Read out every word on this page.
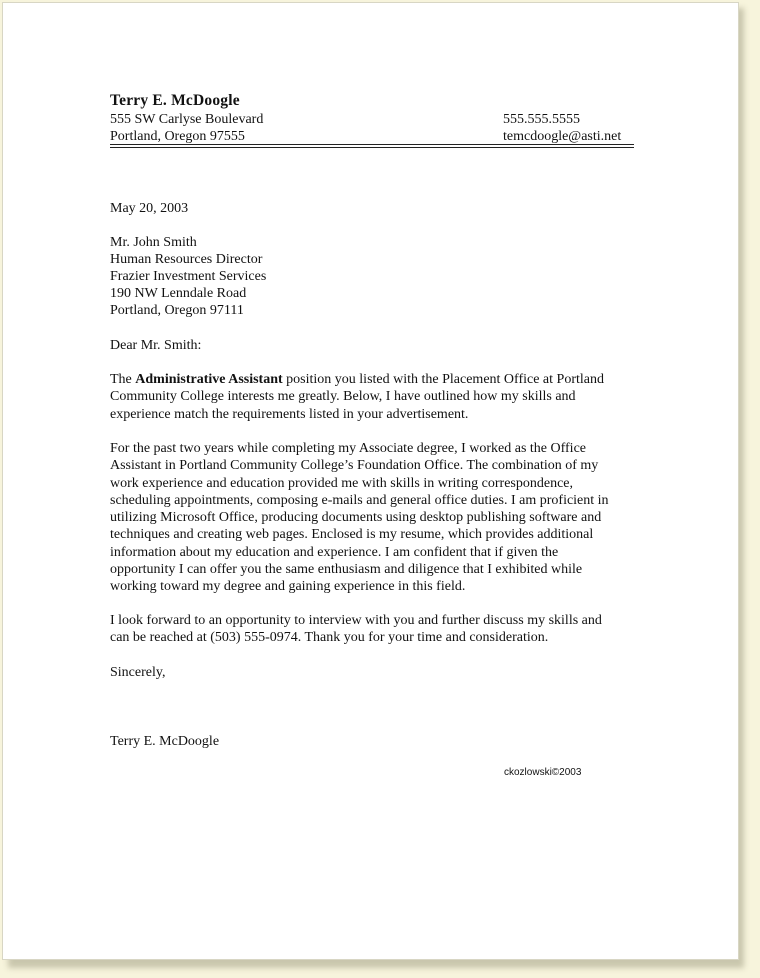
Terry E. McDoogle
555 SW Carlyse Boulevard
Portland, Oregon 97555
555.555.5555
temcdoogle@asti.net
May 20, 2003
Mr. John Smith
Human Resources Director
Frazier Investment Services
190 NW Lenndale Road
Portland, Oregon 97111
Dear Mr. Smith:
The Administrative Assistant position you listed with the Placement Office at Portland
Community College interests me greatly. Below, I have outlined how my skills and
experience match the requirements listed in your advertisement.
For the past two years while completing my Associate degree, I worked as the Office
Assistant in Portland Community College’s Foundation Office. The combination of my
work experience and education provided me with skills in writing correspondence,
scheduling appointments, composing e-mails and general office duties. I am proficient in
utilizing Microsoft Office, producing documents using desktop publishing software and
techniques and creating web pages. Enclosed is my resume, which provides additional
information about my education and experience. I am confident that if given the
opportunity I can offer you the same enthusiasm and diligence that I exhibited while
working toward my degree and gaining experience in this field.
I look forward to an opportunity to interview with you and further discuss my skills and
can be reached at (503) 555-0974. Thank you for your time and consideration.
Sincerely,
Terry E. McDoogle
ckozlowski©2003
